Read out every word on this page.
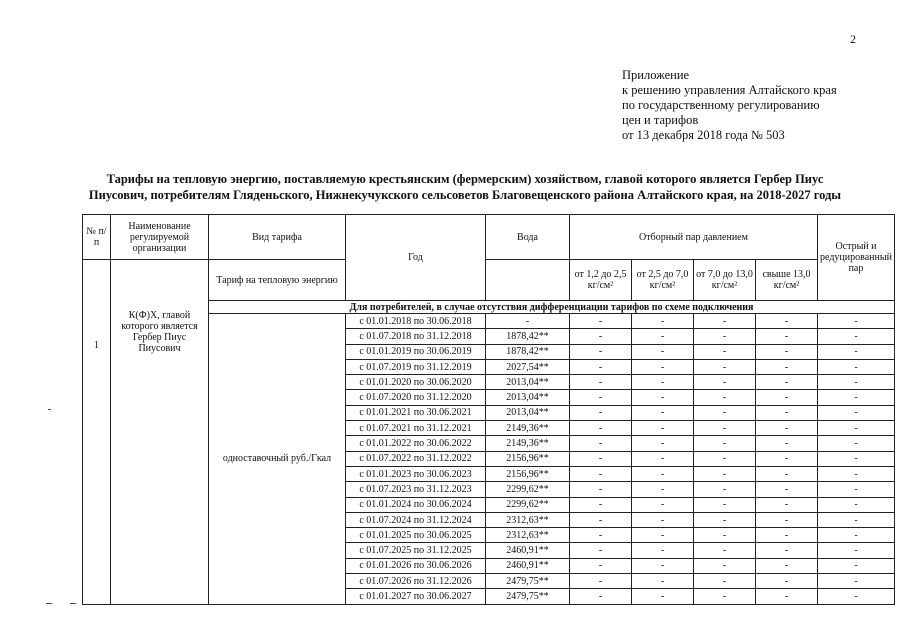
2
Приложение
к решению управления Алтайского края
по государственному регулированию
цен и тарифов
от 13 декабря 2018 года № 503
Тарифы на тепловую энергию, поставляемую крестьянским (фермерским) хозяйством, главой которого является Гербер Пиус
Пиусович, потребителям Гляденьского, Нижнекучукского сельсоветов Благовещенского района Алтайского края, на 2018-2027 годы
№ п/п	Наименование регулируемой организации	Вид тарифа	Год	Вода	Отборный пар давлением				Острый и редуцированный пар
1	К(Ф)Х, главой которого является Гербер Пиус Пиусович	Тариф на тепловую энергию			от 1,2 до 2,5 кг/см²	от 2,5 до 7,0 кг/см²	от 7,0 до 13,0 кг/см²	свыше 13,0 кг/см²	
		Для потребителей, в случае отсутствия дифференциации тарифов по схеме подключения							
		одноставочный руб./Гкал	с 01.01.2018 по 30.06.2018	-	-	-	-	-	-
			с 01.07.2018 по 31.12.2018	1878,42**	-	-	-	-	-
			с 01.01.2019 по 30.06.2019	1878,42**	-	-	-	-	-
			с 01.07.2019 по 31.12.2019	2027,54**	-	-	-	-	-
			с 01.01.2020 по 30.06.2020	2013,04**	-	-	-	-	-
			с 01.07.2020 по 31.12.2020	2013,04**	-	-	-	-	-
			с 01.01.2021 по 30.06.2021	2013,04**	-	-	-	-	-
			с 01.07.2021 по 31.12.2021	2149,36**	-	-	-	-	-
			с 01.01.2022 по 30.06.2022	2149,36**	-	-	-	-	-
			с 01.07.2022 по 31.12.2022	2156,96**	-	-	-	-	-
			с 01.01.2023 по 30.06.2023	2156,96**	-	-	-	-	-
			с 01.07.2023 по 31.12.2023	2299,62**	-	-	-	-	-
			с 01.01.2024 по 30.06.2024	2299,62**	-	-	-	-	-
			с 01.07.2024 по 31.12.2024	2312,63**	-	-	-	-	-
			с 01.01.2025 по 30.06.2025	2312,63**	-	-	-	-	-
			с 01.07.2025 по 31.12.2025	2460,91**	-	-	-	-	-
			с 01.01.2026 по 30.06.2026	2460,91**	-	-	-	-	-
			с 01.07.2026 по 31.12.2026	2479,75**	-	-	-	-	-
			с 01.01.2027 по 30.06.2027	2479,75**	-	-	-	-	-
